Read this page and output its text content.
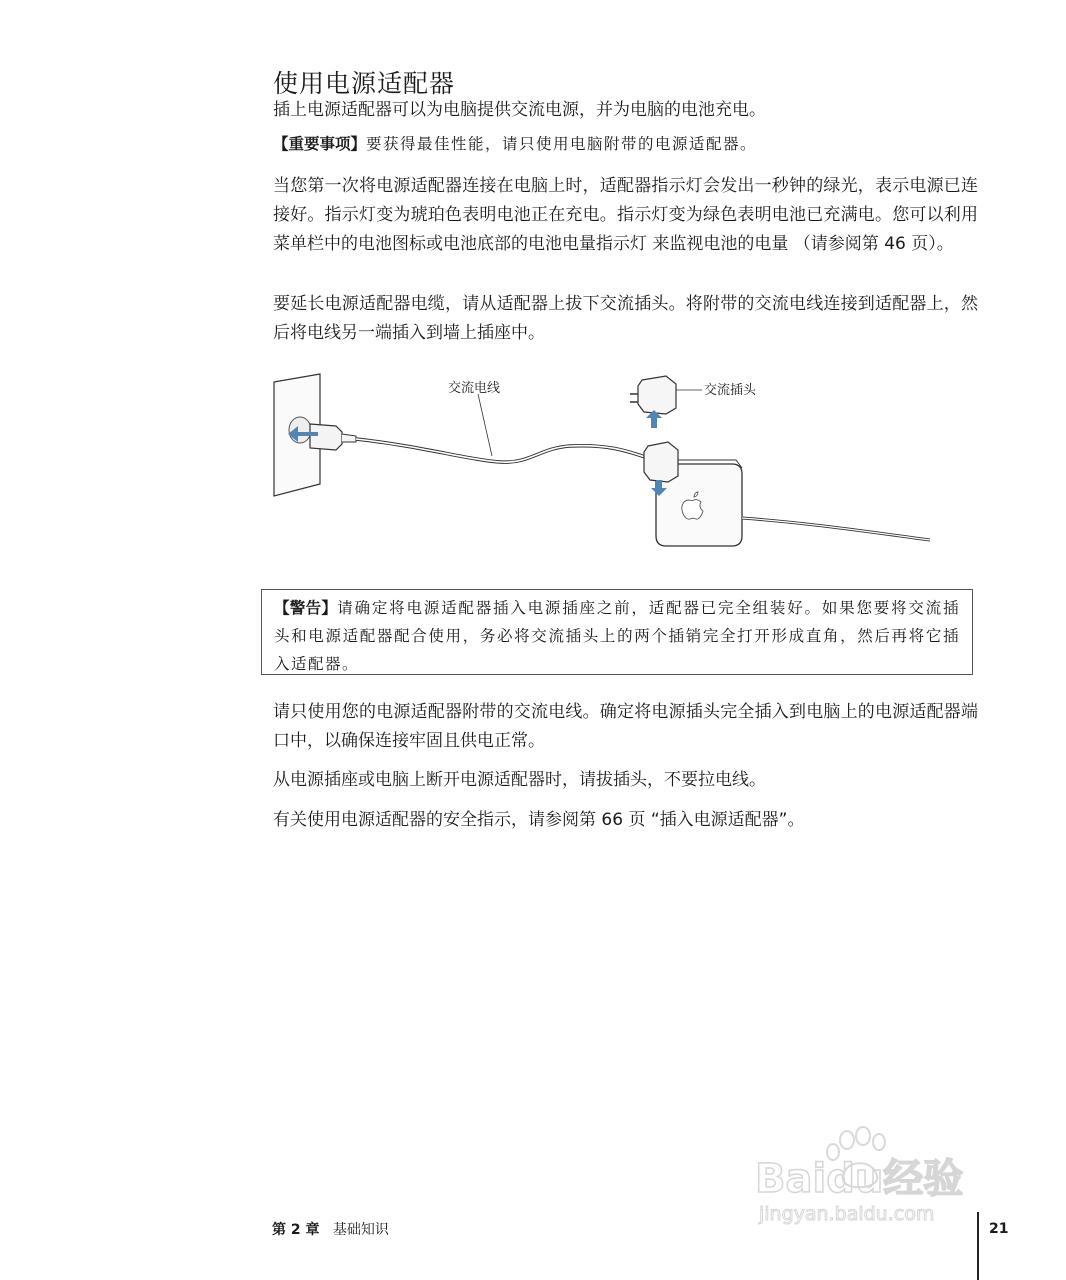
使用电源适配器

插上电源适配器可以为电脑提供交流电源，并为电脑的电池充电。

【重要事项】要获得最佳性能，请只使用电脑附带的电源适配器。

当您第一次将电源适配器连接在电脑上时，适配器指示灯会发出一秒钟的绿光，表示电源已连接好。指示灯变为琥珀色表明电池正在充电。指示灯变为绿色表明电池已充满电。您可以利用菜单栏中的电池图标或电池底部的电池电量指示灯 来监视电池的电量 （请参阅第 46 页）。

要延长电源适配器电缆，请从适配器上拔下交流插头。将附带的交流电线连接到适配器上，然后将电线另一端插入到墙上插座中。

交流电线	交流插头
【警告】请确定将电源适配器插入电源插座之前，适配器已完全组装好。如果您要将交流插头和电源适配器配合使用，务必将交流插头上的两个插销完全打开形成直角，然后再将它插入适配器。

请只使用您的电源适配器附带的交流电线。确定将电源插头完全插入到电脑上的电源适配器端口中，以确保连接牢固且供电正常。

从电源插座或电脑上断开电源适配器时，请拔插头，不要拉电线。

有关使用电源适配器的安全指示，请参阅第 66 页 “插入电源适配器”。

Baidu经验
jingyan.baidu.com
第 2 章 基础知识	21
